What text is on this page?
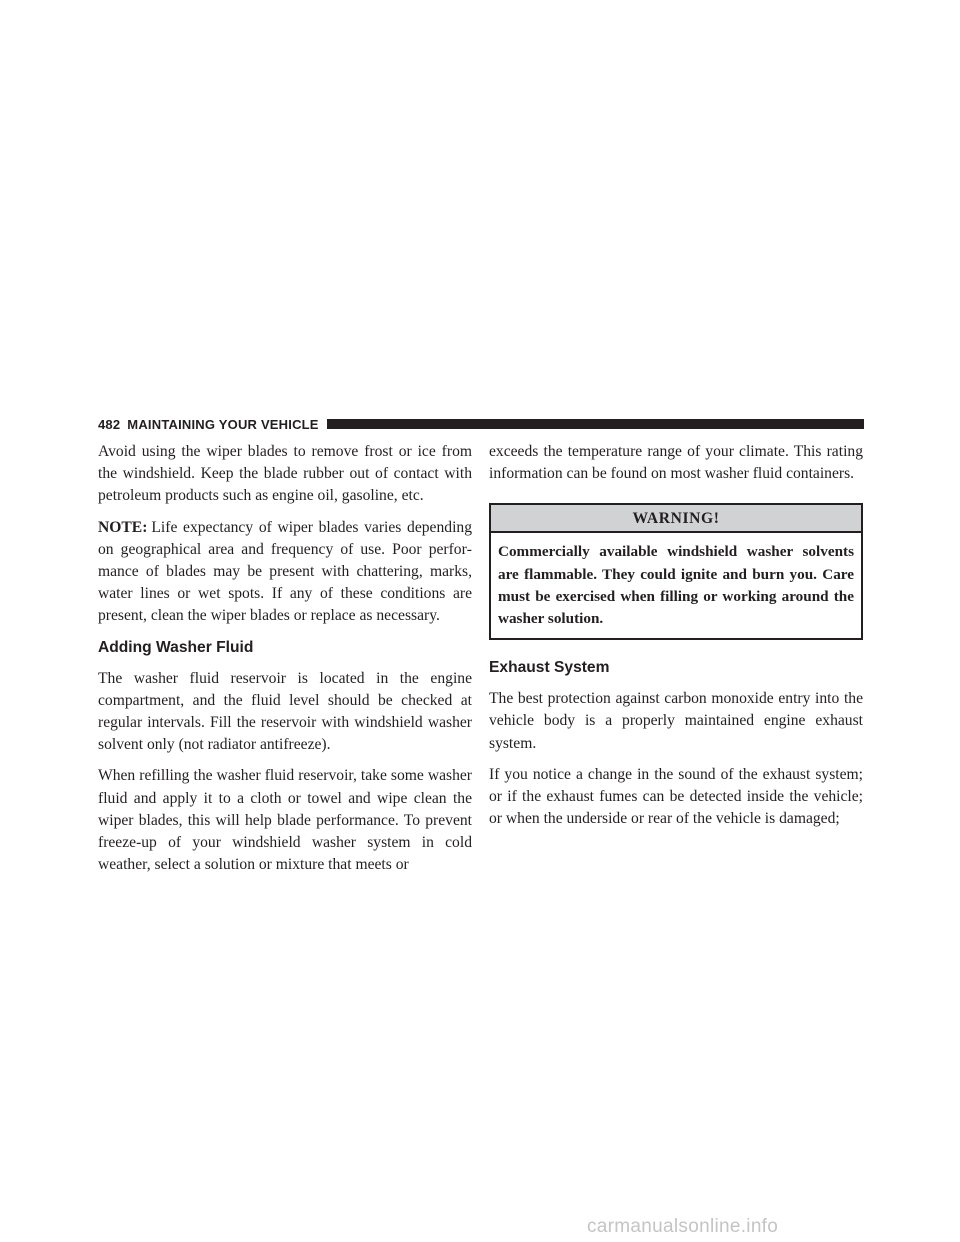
482 MAINTAINING YOUR VEHICLE

Avoid using the wiper blades to remove frost or ice from the windshield. Keep the blade rubber out of contact with petroleum products such as engine oil, gasoline, etc.

NOTE: Life expectancy of wiper blades varies depending on geographical area and frequency of use. Poor performance of blades may be present with chattering, marks, water lines or wet spots. If any of these conditions are present, clean the wiper blades or replace as necessary.

Adding Washer Fluid

The washer fluid reservoir is located in the engine compartment, and the fluid level should be checked at regular intervals. Fill the reservoir with windshield washer solvent only (not radiator antifreeze).

When refilling the washer fluid reservoir, take some washer fluid and apply it to a cloth or towel and wipe clean the wiper blades, this will help blade performance. To prevent freeze-up of your windshield washer system in cold weather, select a solution or mixture that meets or

exceeds the temperature range of your climate. This rating information can be found on most washer fluid containers.

WARNING!
Commercially available windshield washer solvents are flammable. They could ignite and burn you. Care must be exercised when filling or working around the washer solution.
Exhaust System

The best protection against carbon monoxide entry into the vehicle body is a properly maintained engine exhaust system.

If you notice a change in the sound of the exhaust system; or if the exhaust fumes can be detected inside the vehicle; or when the underside or rear of the vehicle is damaged;

carmanualsonline.info
